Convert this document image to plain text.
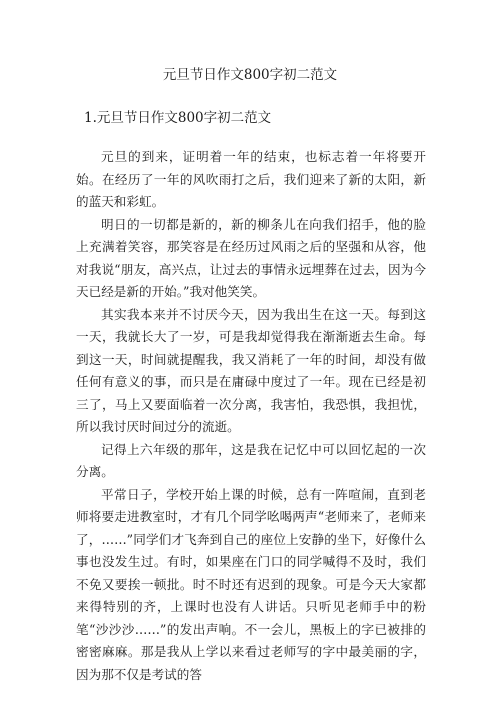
元旦节日作文800字初二范文
1.元旦节日作文800字初二范文

元旦的到来，证明着一年的结束，也标志着一年将要开始。在经历了一年的风吹雨打之后，我们迎来了新的太阳，新的蓝天和彩虹。

明日的一切都是新的，新的柳条儿在向我们招手，他的脸上充满着笑容，那笑容是在经历过风雨之后的坚强和从容，他对我说“朋友，高兴点，让过去的事情永远埋葬在过去，因为今天已经是新的开始。”我对他笑笑。

其实我本来并不讨厌今天，因为我出生在这一天。每到这一天，我就长大了一岁，可是我却觉得我在渐渐逝去生命。每到这一天，时间就提醒我，我又消耗了一年的时间，却没有做任何有意义的事，而只是在庸碌中度过了一年。现在已经是初三了，马上又要面临着一次分离，我害怕，我恐惧，我担忧，所以我讨厌时间过分的流逝。

记得上六年级的那年，这是我在记忆中可以回忆起的一次分离。

平常日子，学校开始上课的时候，总有一阵喧闹，直到老师将要走进教室时，才有几个同学吆喝两声“老师来了，老师来了，……”同学们才飞奔到自己的座位上安静的坐下，好像什么事也没发生过。有时，如果座在门口的同学喊得不及时，我们不免又要挨一顿批。时不时还有迟到的现象。可是今天大家都来得特别的齐，上课时也没有人讲话。只听见老师手中的粉笔“沙沙沙……”的发出声响。不一会儿，黑板上的字已被排的密密麻麻。那是我从上学以来看过老师写的字中最美丽的字，因为那不仅是考试的答
